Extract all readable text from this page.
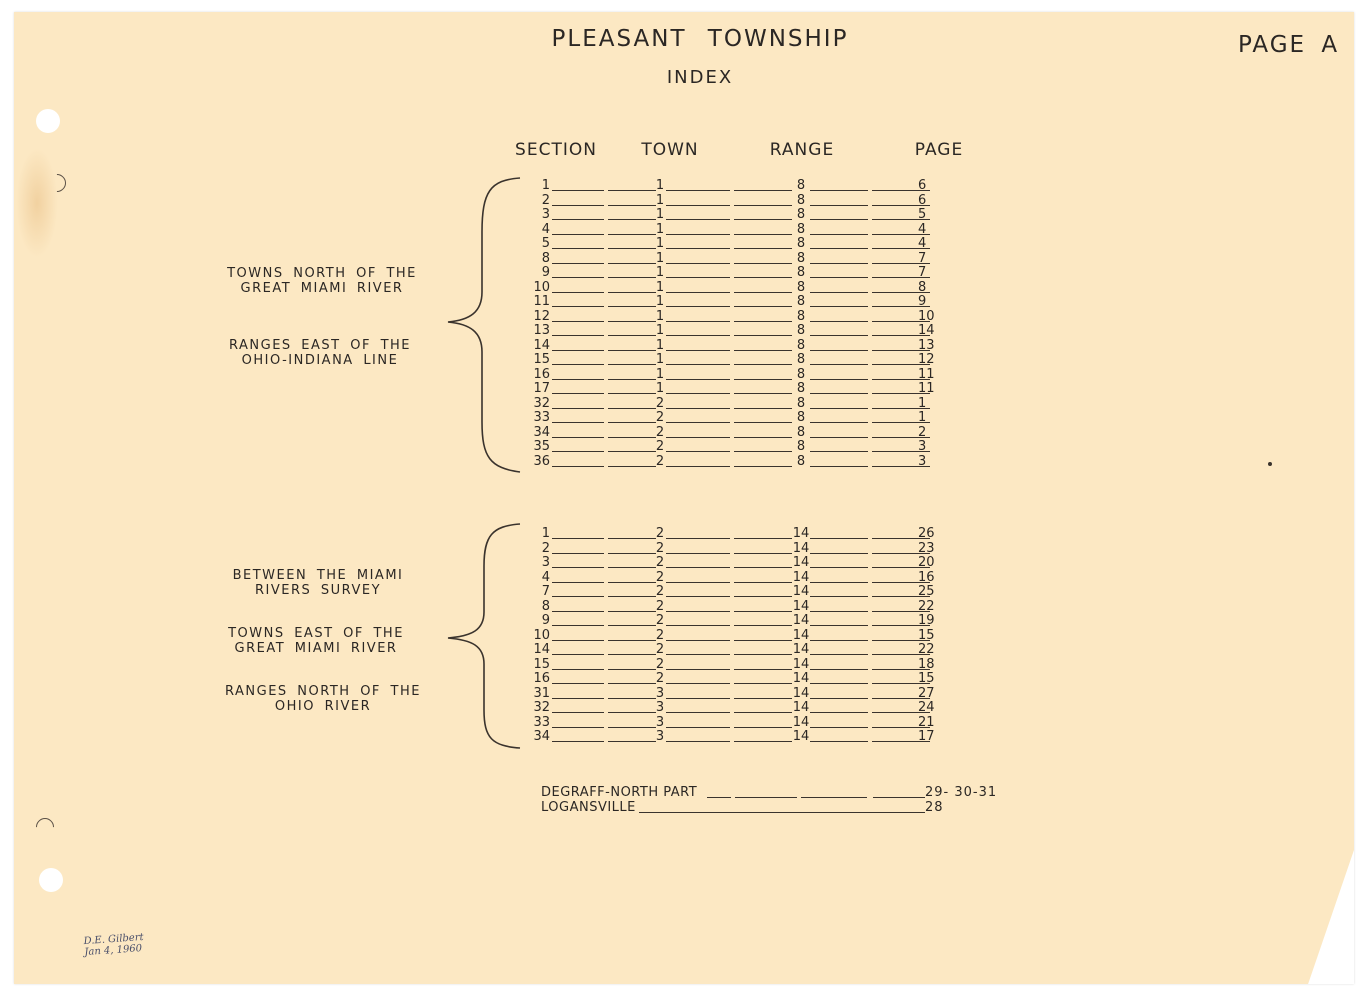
PLEASANT TOWNSHIP
INDEX
PAGE A
SECTION	TOWN	RANGE	PAGE
TOWNS NORTH OF THE
GREAT MIAMI RIVER
RANGES EAST OF THE
OHIO-INDIANA LINE
BETWEEN THE MIAMI
RIVERS SURVEY
TOWNS EAST OF THE
GREAT MIAMI RIVER
RANGES NORTH OF THE
OHIO RIVER
1	1	8	6
2	1	8	6
3	1	8	5
4	1	8	4
5	1	8	4
8	1	8	7
9	1	8	7
10	1	8	8
11	1	8	9
12	1	8	10
13	1	8	14
14	1	8	13
15	1	8	12
16	1	8	11
17	1	8	11
32	2	8	1
33	2	8	1
34	2	8	2
35	2	8	3
36	2	8	3
1	2	14	26
2	2	14	23
3	2	14	20
4	2	14	16
7	2	14	25
8	2	14	22
9	2	14	19
10	2	14	15
14	2	14	22
15	2	14	18
16	2	14	15
31	3	14	27
32	3	14	24
33	3	14	21
34	3	14	17
DEGRAFF-NORTH PART	29- 30-31
LOGANSVILLE	28
D.E. Gilbert
Jan 4, 1960
